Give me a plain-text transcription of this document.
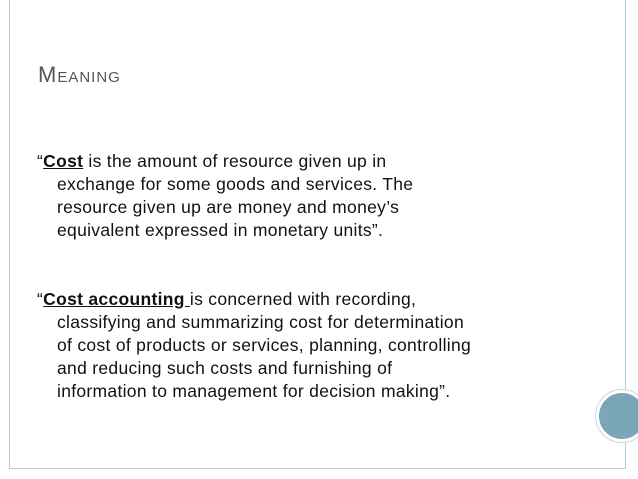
Meaning

“Cost is the amount of resource given up in
exchange for some goods and services. The
resource given up are money and money’s
equivalent expressed in monetary units”.

“Cost accounting is concerned with recording,
classifying and summarizing cost for determination
of cost of products or services, planning, controlling
and reducing such costs and furnishing of
information to management for decision making”.
